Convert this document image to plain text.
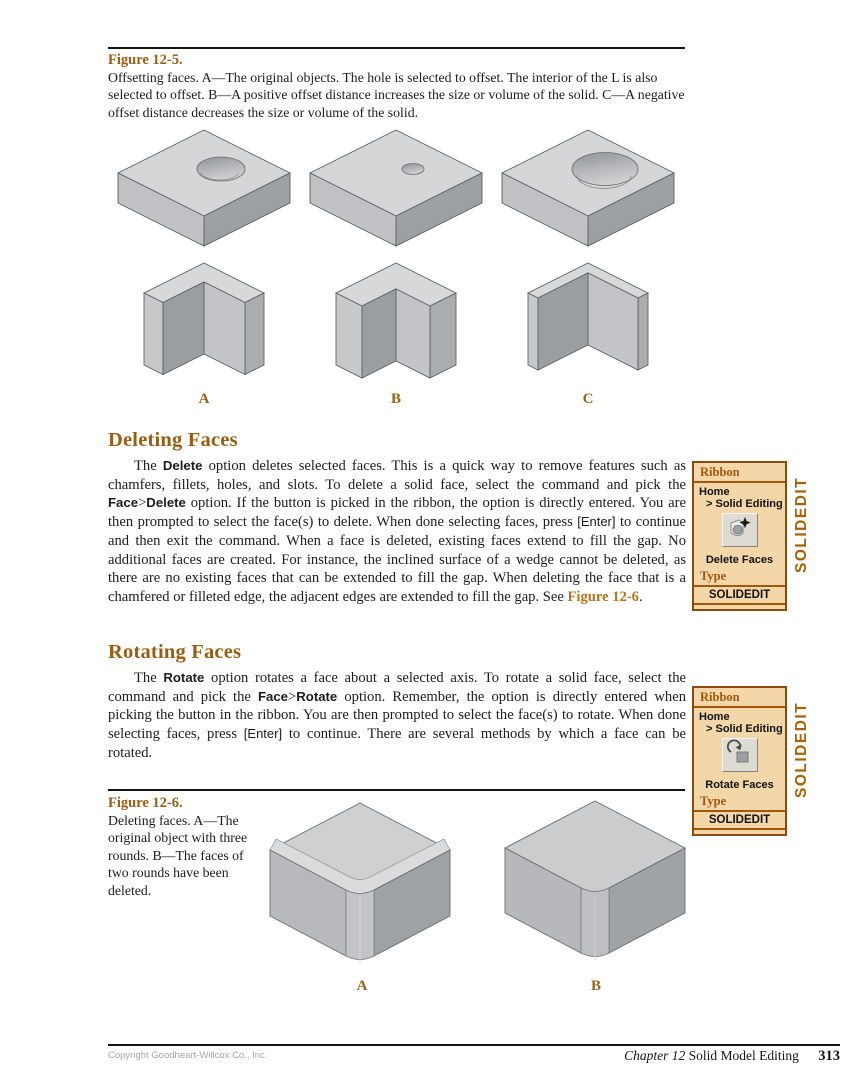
Figure 12-5.
Offsetting faces. A—The original objects. The hole is selected to offset. The interior of the L is also selected to offset. B—A positive offset distance increases the size or volume of the solid. C—A negative offset distance decreases the size or volume of the solid.
A	B	C
Deleting Faces

The Delete option deletes selected faces. This is a quick way to remove features such as chamfers, fillets, holes, and slots. To delete a solid face, select the command and pick the Face>Delete option. If the button is picked in the ribbon, the option is directly entered. You are then prompted to select the face(s) to delete. When done selecting faces, press [Enter] to continue and then exit the command. When a face is deleted, existing faces extend to fill the gap. No additional faces are created. For instance, the inclined surface of a wedge cannot be deleted, as there are no existing faces that can be extended to fill the gap. When deleting the face that is a chamfered or filleted edge, the adjacent edges are extended to fill the gap. See Figure 12-6.

Ribbon
Home
> Solid Editing
Delete Faces
Type
SOLIDEDIT
SOLIDEDIT
Rotating Faces

The Rotate option rotates a face about a selected axis. To rotate a solid face, select the command and pick the Face>Rotate option. Remember, the option is directly entered when picking the button in the ribbon. You are then prompted to select the face(s) to rotate. When done selecting faces, press [Enter] to continue. There are several methods by which a face can be rotated.

Ribbon
Home
> Solid Editing
Rotate Faces
Type
SOLIDEDIT
SOLIDEDIT
Figure 12-6.
Deleting faces. A—The original object with three rounds. B—The faces of two rounds have been deleted.
A	B
Copyright Goodheart-Willcox Co., Inc.	Chapter 12 Solid Model Editing 313
